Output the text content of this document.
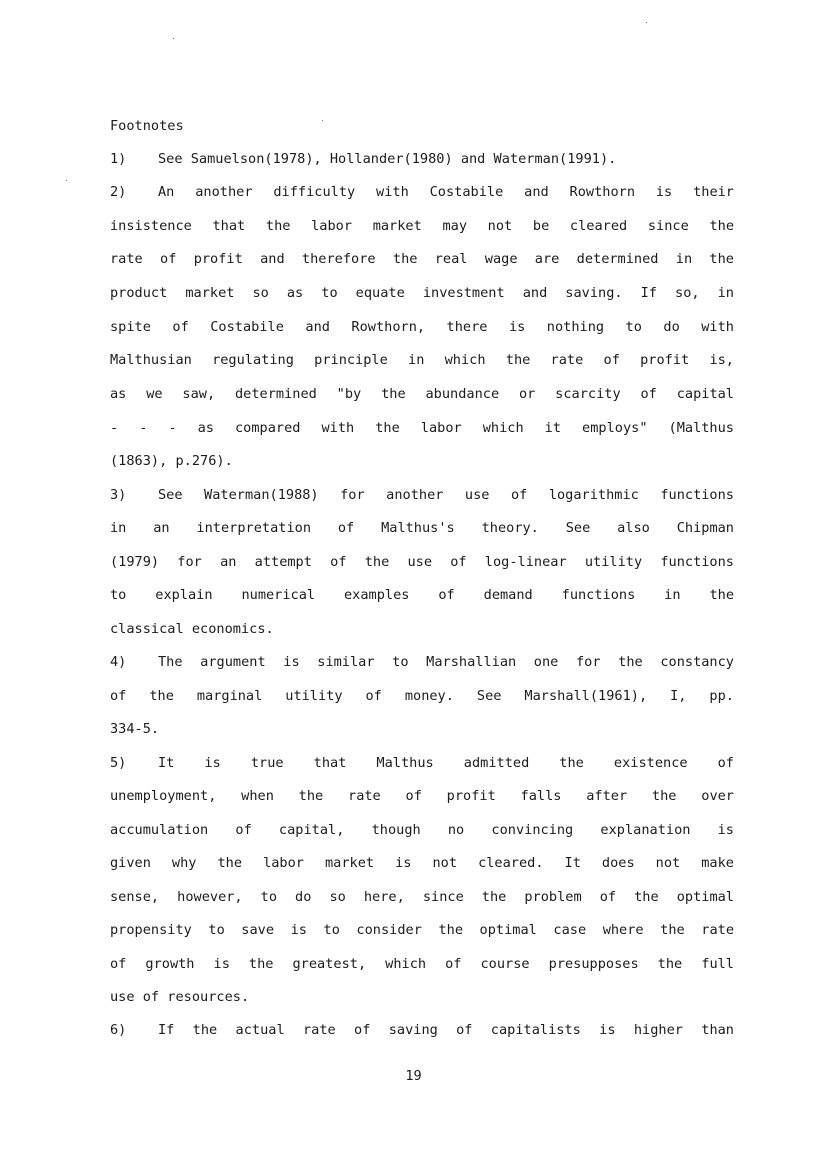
Footnotes
1) See Samuelson(1978), Hollander(1980) and Waterman(1991).
2) An another difficulty with Costabile and Rowthorn is their
insistence that the labor market may not be cleared since the
rate of profit and therefore the real wage are determined in the
product market so as to equate investment and saving. If so, in
spite of Costabile and Rowthorn, there is nothing to do with
Malthusian regulating principle in which the rate of profit is,
as we saw, determined "by the abundance or scarcity of capital
- - - as compared with the labor which it employs" (Malthus
(1863), p.276).
3) See Waterman(1988) for another use of logarithmic functions
in an interpretation of Malthus's theory. See also Chipman
(1979) for an attempt of the use of log-linear utility functions
to explain numerical examples of demand functions in the
classical economics.
4) The argument is similar to Marshallian one for the constancy
of the marginal utility of money. See Marshall(1961), I, pp.
334-5.
5) It is true that Malthus admitted the existence of
unemployment, when the rate of profit falls after the over
accumulation of capital, though no convincing explanation is
given why the labor market is not cleared. It does not make
sense, however, to do so here, since the problem of the optimal
propensity to save is to consider the optimal case where the rate
of growth is the greatest, which of course presupposes the full
use of resources.
6) If the actual rate of saving of capitalists is higher than
19
